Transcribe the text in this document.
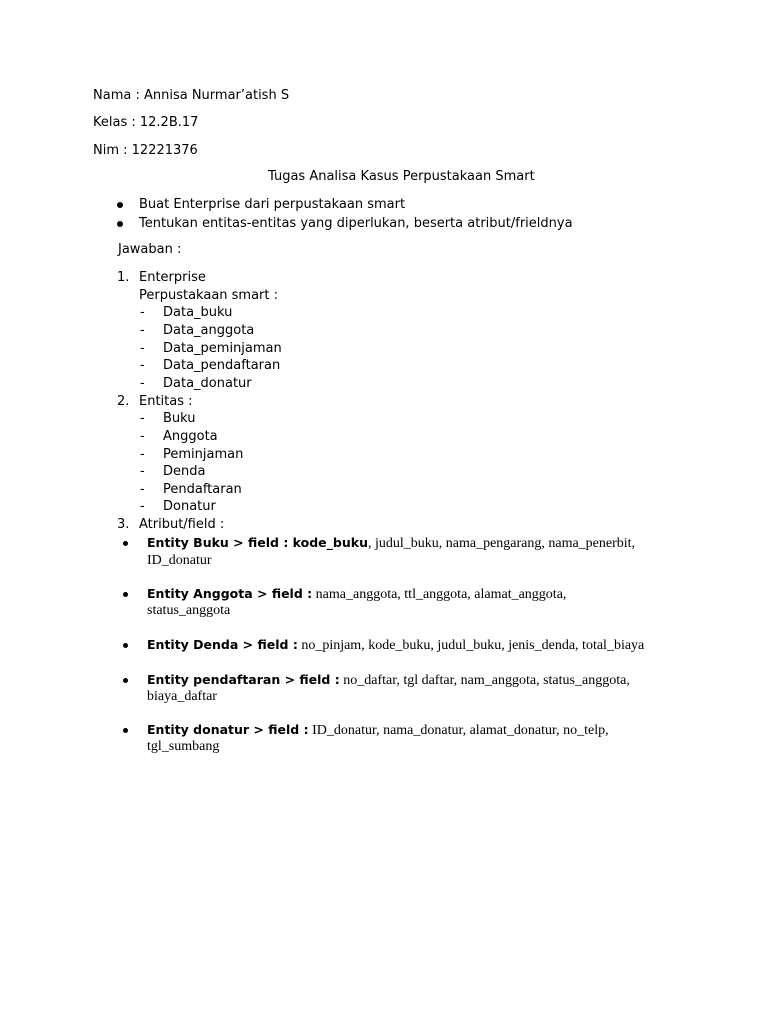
Nama : Annisa Nurmar’atish S
Kelas : 12.2B.17
Nim : 12221376
Tugas Analisa Kasus Perpustakaan Smart
Buat Enterprise dari perpustakaan smart
Tentukan entitas-entitas yang diperlukan, beserta atribut/frieldnya
Jawaban :
1. Enterprise
Perpustakaan smart :
- Data_buku
- Data_anggota
- Data_peminjaman
- Data_pendaftaran
- Data_donatur
2. Entitas :
- Buku
- Anggota
- Peminjaman
- Denda
- Pendaftaran
- Donatur
3. Atribut/field :
Entity Buku > field : kode_buku, judul_buku, nama_pengarang, nama_penerbit,
ID_donatur
Entity Anggota > field : nama_anggota, ttl_anggota, alamat_anggota,
status_anggota
Entity Denda > field : no_pinjam, kode_buku, judul_buku, jenis_denda, total_biaya
Entity pendaftaran > field : no_daftar, tgl daftar, nam_anggota, status_anggota,
biaya_daftar
Entity donatur > field : ID_donatur, nama_donatur, alamat_donatur, no_telp,
tgl_sumbang
